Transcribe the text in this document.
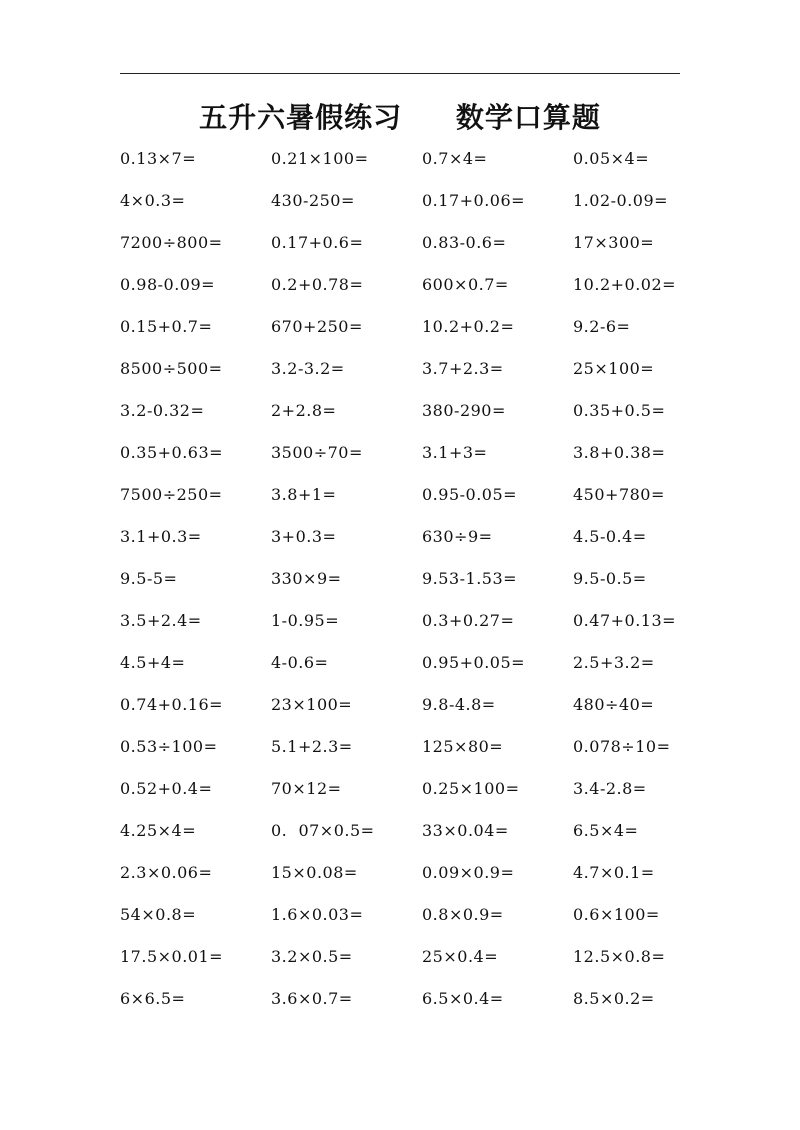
五升六暑假练习     数学口算题
0.13×7=	0.21×100=	0.7×4=	0.05×4=
4×0.3=	430-250=	0.17+0.06=	1.02-0.09=
7200÷800=	0.17+0.6=	0.83-0.6=	17×300=
0.98-0.09=	0.2+0.78=	600×0.7=	10.2+0.02=
0.15+0.7=	670+250=	10.2+0.2=	9.2-6=
8500÷500=	3.2-3.2=	3.7+2.3=	25×100=
3.2-0.32=	2+2.8=	380-290=	0.35+0.5=
0.35+0.63=	3500÷70=	3.1+3=	3.8+0.38=
7500÷250=	3.8+1=	0.95-0.05=	450+780=
3.1+0.3=	3+0.3=	630÷9=	4.5-0.4=
9.5-5=	330×9=	9.53-1.53=	9.5-0.5=
3.5+2.4=	1-0.95=	0.3+0.27=	0.47+0.13=
4.5+4=	4-0.6=	0.95+0.05=	2.5+3.2=
0.74+0.16=	23×100=	9.8-4.8=	480÷40=
0.53÷100=	5.1+2.3=	125×80=	0.078÷10=
0.52+0.4=	70×12=	0.25×100=	3.4-2.8=
4.25×4=	0.  07×0.5=	33×0.04=	6.5×4=
2.3×0.06=	15×0.08=	0.09×0.9=	4.7×0.1=
54×0.8=	1.6×0.03=	0.8×0.9=	0.6×100=
17.5×0.01=	3.2×0.5=	25×0.4=	12.5×0.8=
6×6.5=	3.6×0.7=	6.5×0.4=	8.5×0.2=
